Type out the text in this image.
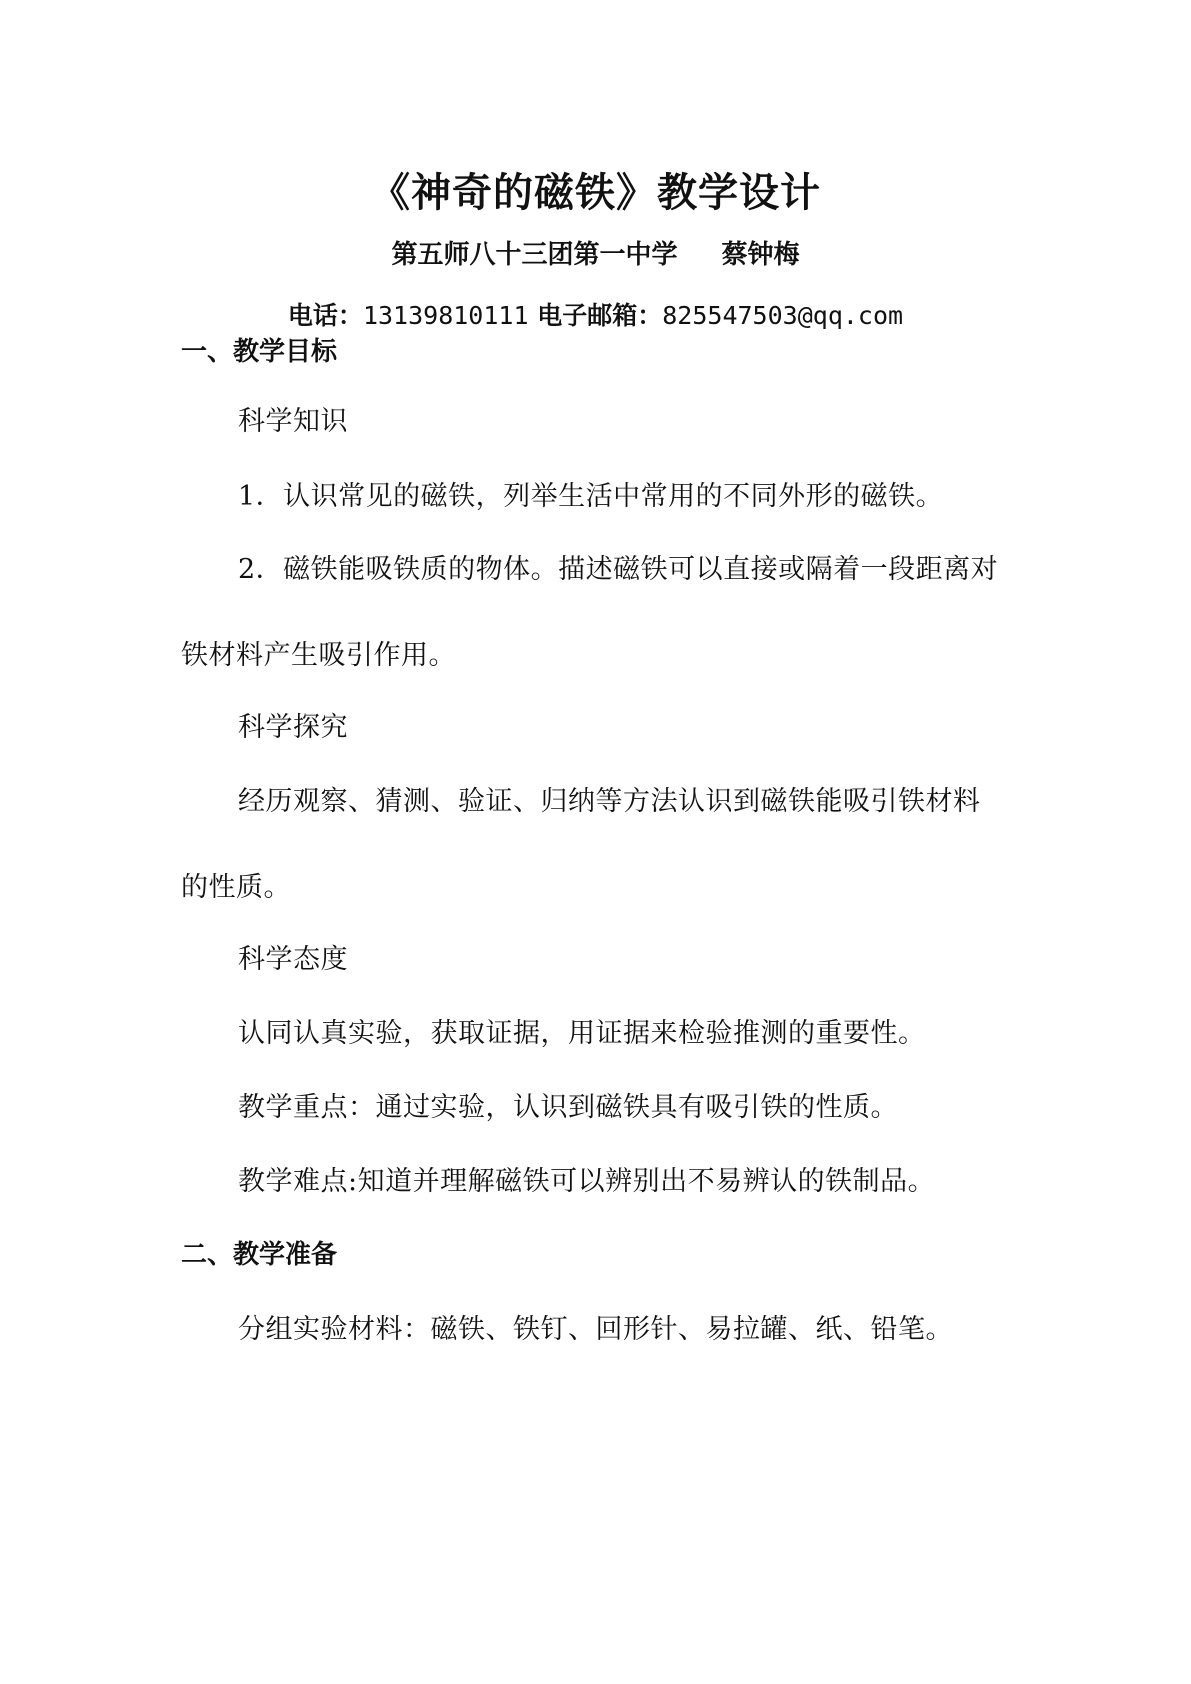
《神奇的磁铁》教学设计
第五师八十三团第一中学 蔡钟梅
电话：13139810111 电子邮箱：825547503@qq.com
一、教学目标
科学知识
1．认识常见的磁铁，列举生活中常用的不同外形的磁铁。
2．磁铁能吸铁质的物体。描述磁铁可以直接或隔着一段距离对
铁材料产生吸引作用。
科学探究
经历观察、猜测、验证、归纳等方法认识到磁铁能吸引铁材料
的性质。
科学态度
认同认真实验，获取证据，用证据来检验推测的重要性。
教学重点：通过实验，认识到磁铁具有吸引铁的性质。
教学难点:知道并理解磁铁可以辨别出不易辨认的铁制品。
二、教学准备
分组实验材料：磁铁、铁钉、回形针、易拉罐、纸、铅笔。
